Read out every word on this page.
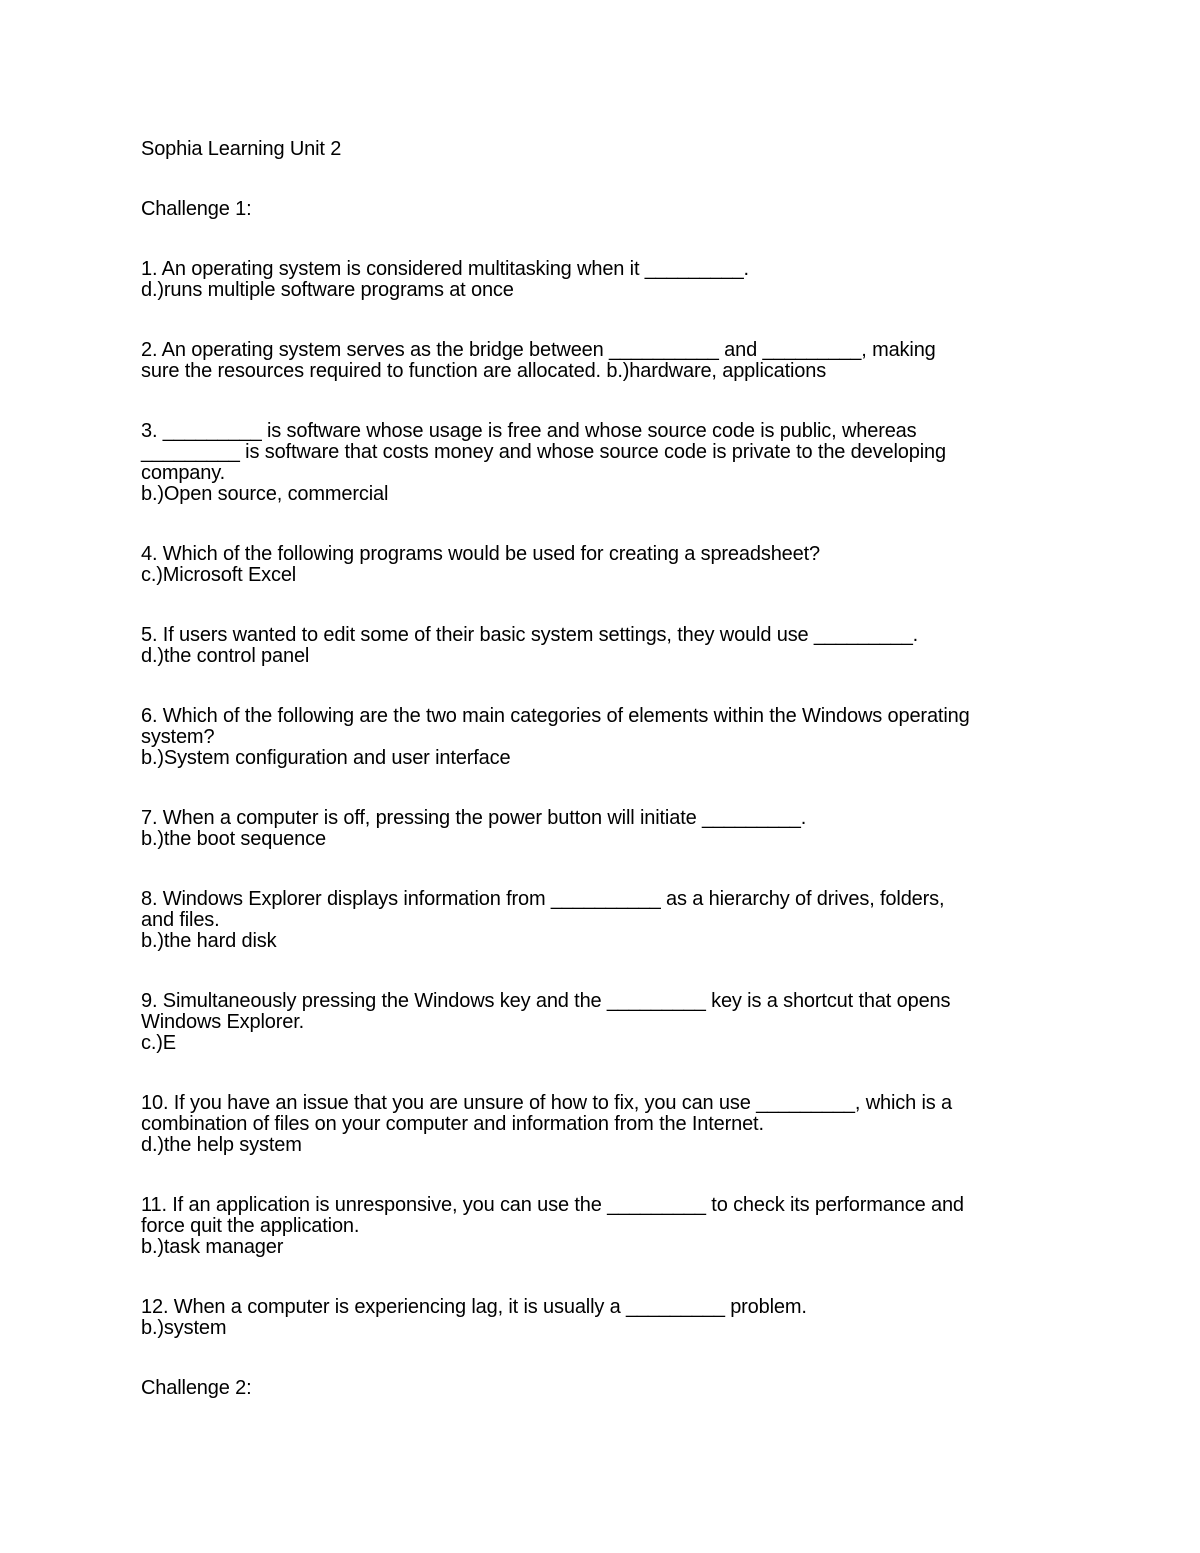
Sophia Learning Unit 2
Challenge 1:
1. An operating system is considered multitasking when it _________.
d.)runs multiple software programs at once
2. An operating system serves as the bridge between __________ and _________, making
sure the resources required to function are allocated. b.)hardware, applications
3. _________ is software whose usage is free and whose source code is public, whereas
_________ is software that costs money and whose source code is private to the developing
company.
b.)Open source, commercial
4. Which of the following programs would be used for creating a spreadsheet?
c.)Microsoft Excel
5. If users wanted to edit some of their basic system settings, they would use _________.
d.)the control panel
6. Which of the following are the two main categories of elements within the Windows operating
system?
b.)System configuration and user interface
7. When a computer is off, pressing the power button will initiate _________.
b.)the boot sequence
8. Windows Explorer displays information from __________ as a hierarchy of drives, folders,
and files.
b.)the hard disk
9. Simultaneously pressing the Windows key and the _________ key is a shortcut that opens
Windows Explorer.
c.)E
10. If you have an issue that you are unsure of how to fix, you can use _________, which is a
combination of files on your computer and information from the Internet.
d.)the help system
11. If an application is unresponsive, you can use the _________ to check its performance and
force quit the application.
b.)task manager
12. When a computer is experiencing lag, it is usually a _________ problem.
b.)system
Challenge 2:
